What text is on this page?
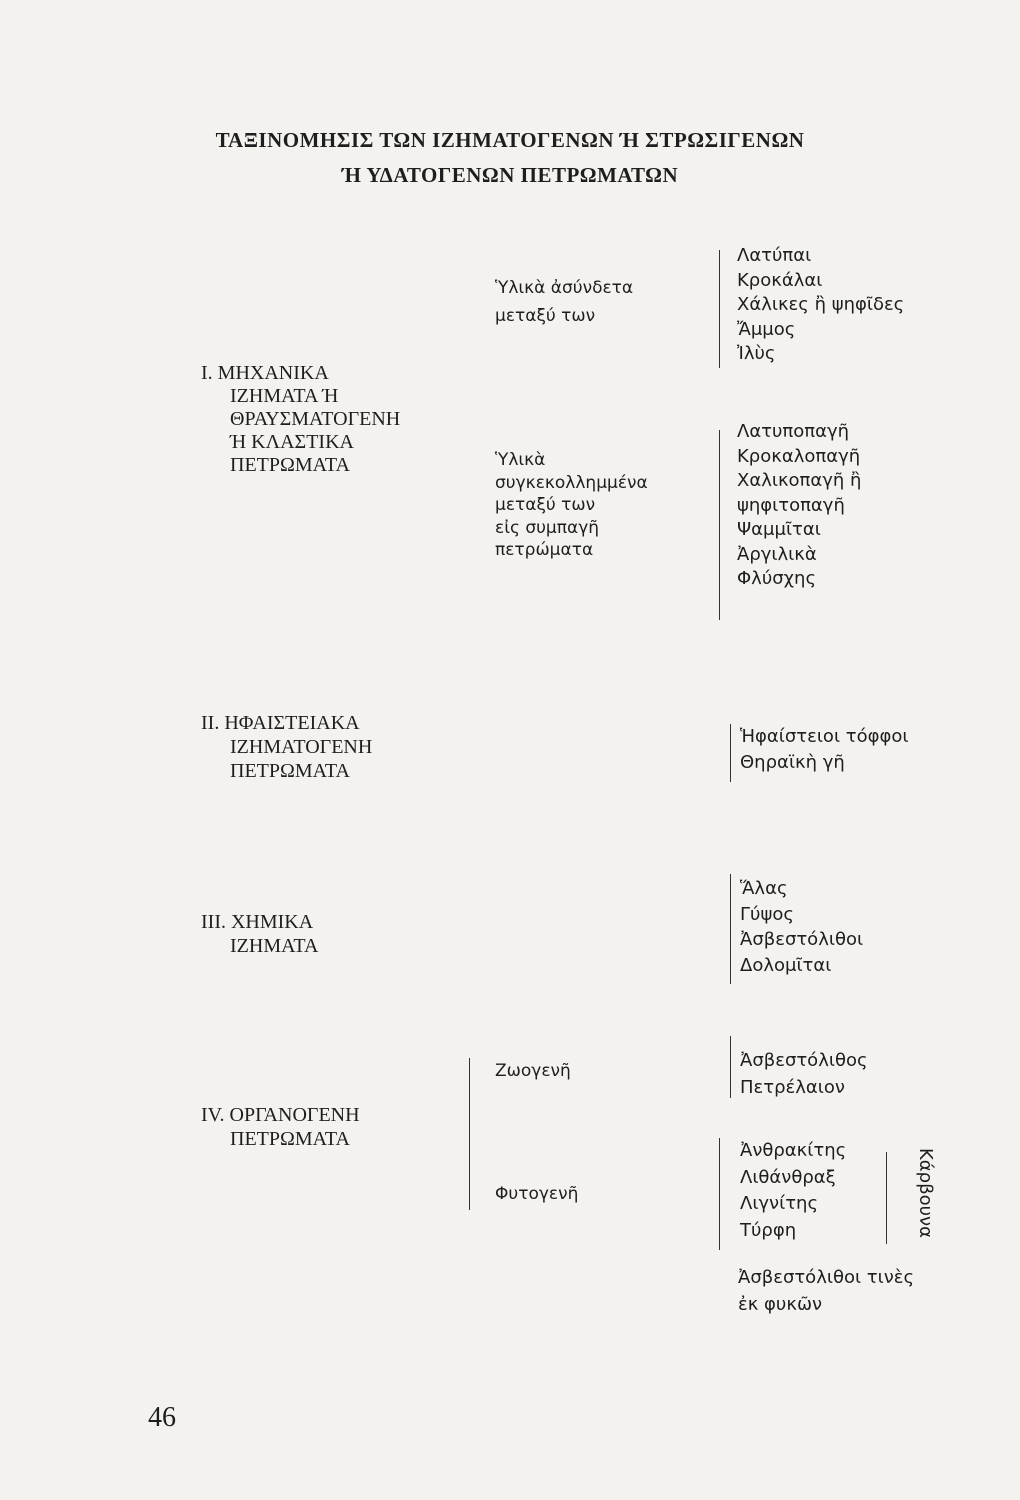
ΤΑΞΙΝΟΜΗΣΙΣ ΤΩΝ ΙΖΗΜΑΤΟΓΕΝΩΝ Ή ΣΤΡΩΣΙΓΕΝΩΝ
Ή ΥΔΑΤΟΓΕΝΩΝ ΠΕΤΡΩΜΑΤΩΝ
Ι. ΜΗΧΑΝΙΚΑ
ΙΖΗΜΑΤΑ Ή
ΘΡΑΥΣΜΑΤΟΓΕΝΗ
Ή ΚΛΑΣΤΙΚΑ
ΠΕΤΡΩΜΑΤΑ
Ὑλικὰ ἀσύνδετα
μεταξύ των
Λατύπαι
Κροκάλαι
Χάλικες ἢ ψηφῖδες
Ἄμμος
Ἰλὺς
Ὑλικὰ
συγκεκολλημμένα
μεταξύ των
εἰς συμπαγῆ
πετρώματα
Λατυποπαγῆ
Κροκαλοπαγῆ
Χαλικοπαγῆ ἢ
ψηφιτοπαγῆ
Ψαμμῖται
Ἀργιλικὰ
Φλύσχης
ΙΙ. ΗΦΑΙΣΤΕΙΑΚΑ
ΙΖΗΜΑΤΟΓΕΝΗ
ΠΕΤΡΩΜΑΤΑ
Ἡφαίστειοι τόφφοι
Θηραϊκὴ γῆ
ΙΙΙ. ΧΗΜΙΚΑ
ΙΖΗΜΑΤΑ
Ἅλας
Γύψος
Ἀσβεστόλιθοι
Δολομῖται
ΙV. ΟΡΓΑΝΟΓΕΝΗ
ΠΕΤΡΩΜΑΤΑ
Ζωογενῆ	Ἀσβεστόλιθος
Πετρέλαιον
Φυτογενῆ
Ἀνθρακίτης
Λιθάνθραξ
Λιγνίτης
Τύρφη	Κάρβουνα
Ἀσβεστόλιθοι τινὲς
ἐκ φυκῶν
46
